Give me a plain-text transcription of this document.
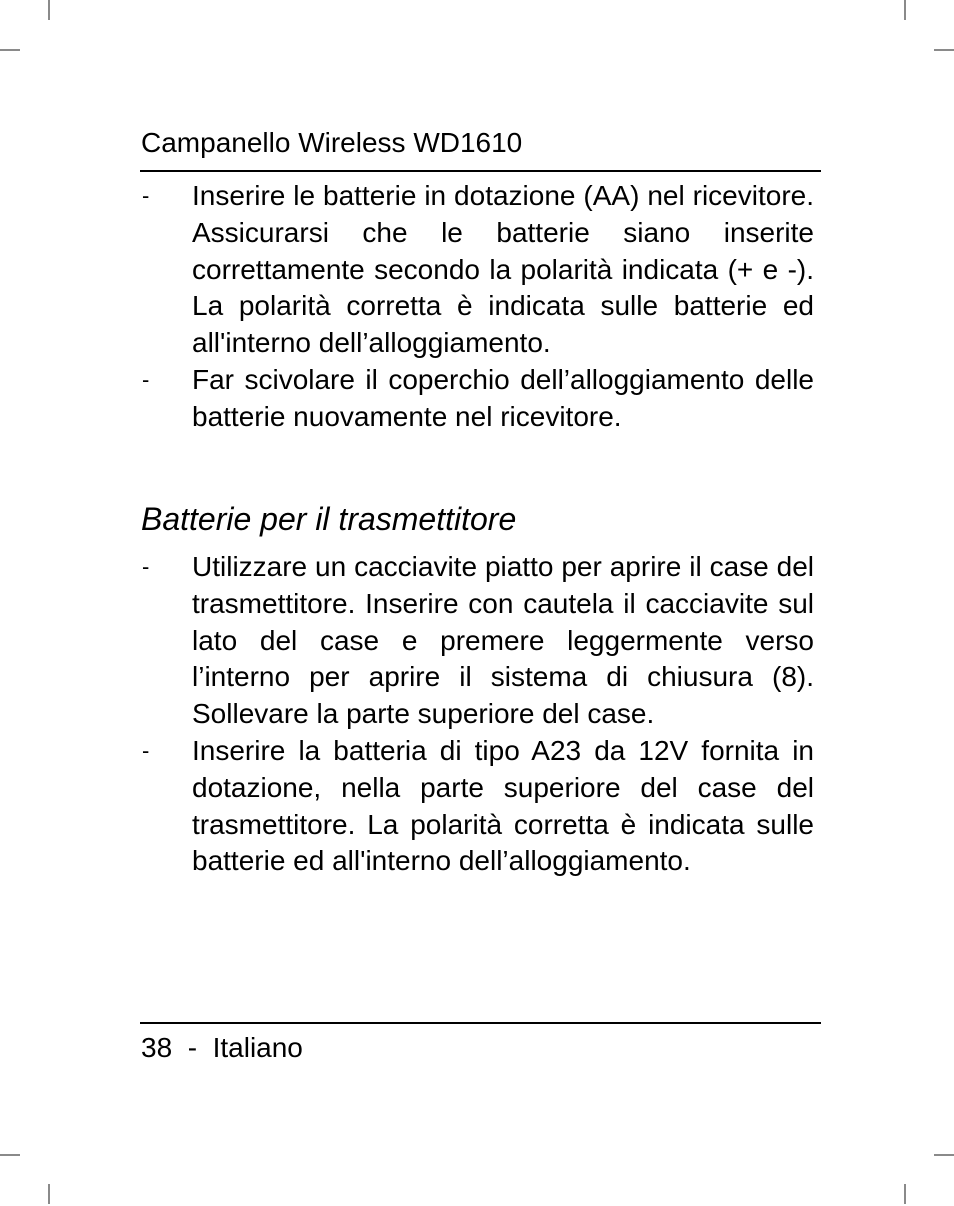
Campanello Wireless WD1610
- Inserire le batterie in dotazione (AA) nel ricevitore. Assicurarsi che le batterie siano inserite correttamente secondo la polarità indicata (+ e -). La polarità corretta è indicata sulle batterie ed all'interno dell’alloggiamento.
- Far scivolare il coperchio dell’alloggiamento delle batterie nuovamente nel ricevitore.
Batterie per il trasmettitore
- Utilizzare un cacciavite piatto per aprire il case del trasmettitore. Inserire con cautela il cacciavite sul lato del case e premere leggermente verso l’interno per aprire il sistema di chiusura (8). Sollevare la parte superiore del case.
- Inserire la batteria di tipo A23 da 12V fornita in dotazione, nella parte superiore del case del trasmettitore. La polarità corretta è indicata sulle batterie ed all'interno dell’alloggiamento.
38  -  Italiano
